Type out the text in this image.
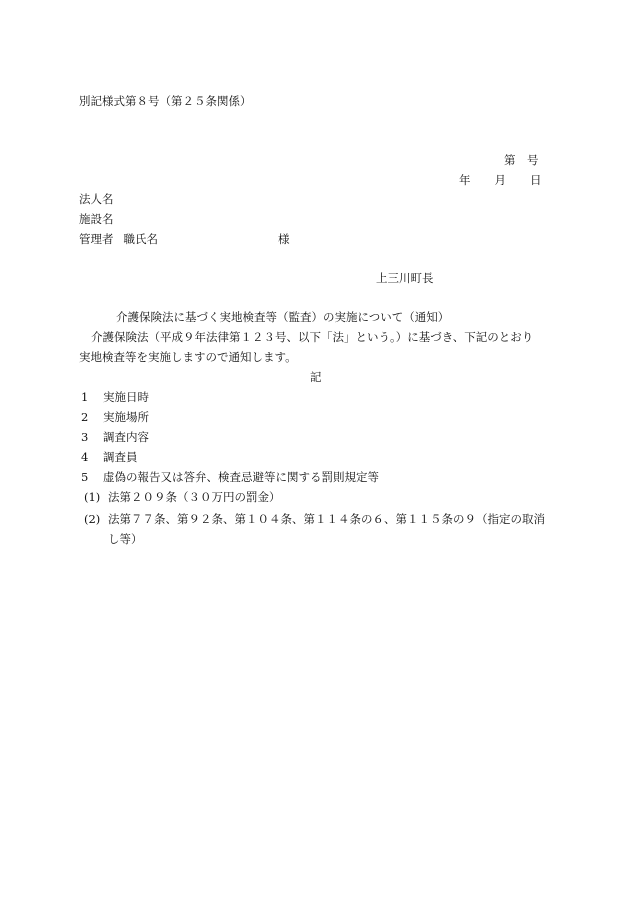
別記様式第８号（第２５条関係）
第　号
年 月 日
法人名
施設名
管理者 職氏名	様
上三川町長
介護保険法に基づく実地検査等（監査）の実施について（通知）
介護保険法（平成９年法律第１２３号、以下「法」という。）に基づき、下記のとおり
実地検査等を実施しますので通知します。
記
1 実施日時
2 実施場所
3 調査内容
4 調査員
5 虚偽の報告又は答弁、検査忌避等に関する罰則規定等
(1) 法第２０９条（３０万円の罰金）
(2) 法第７７条、第９２条、第１０４条、第１１４条の６、第１１５条の９（指定の取消
し等）
